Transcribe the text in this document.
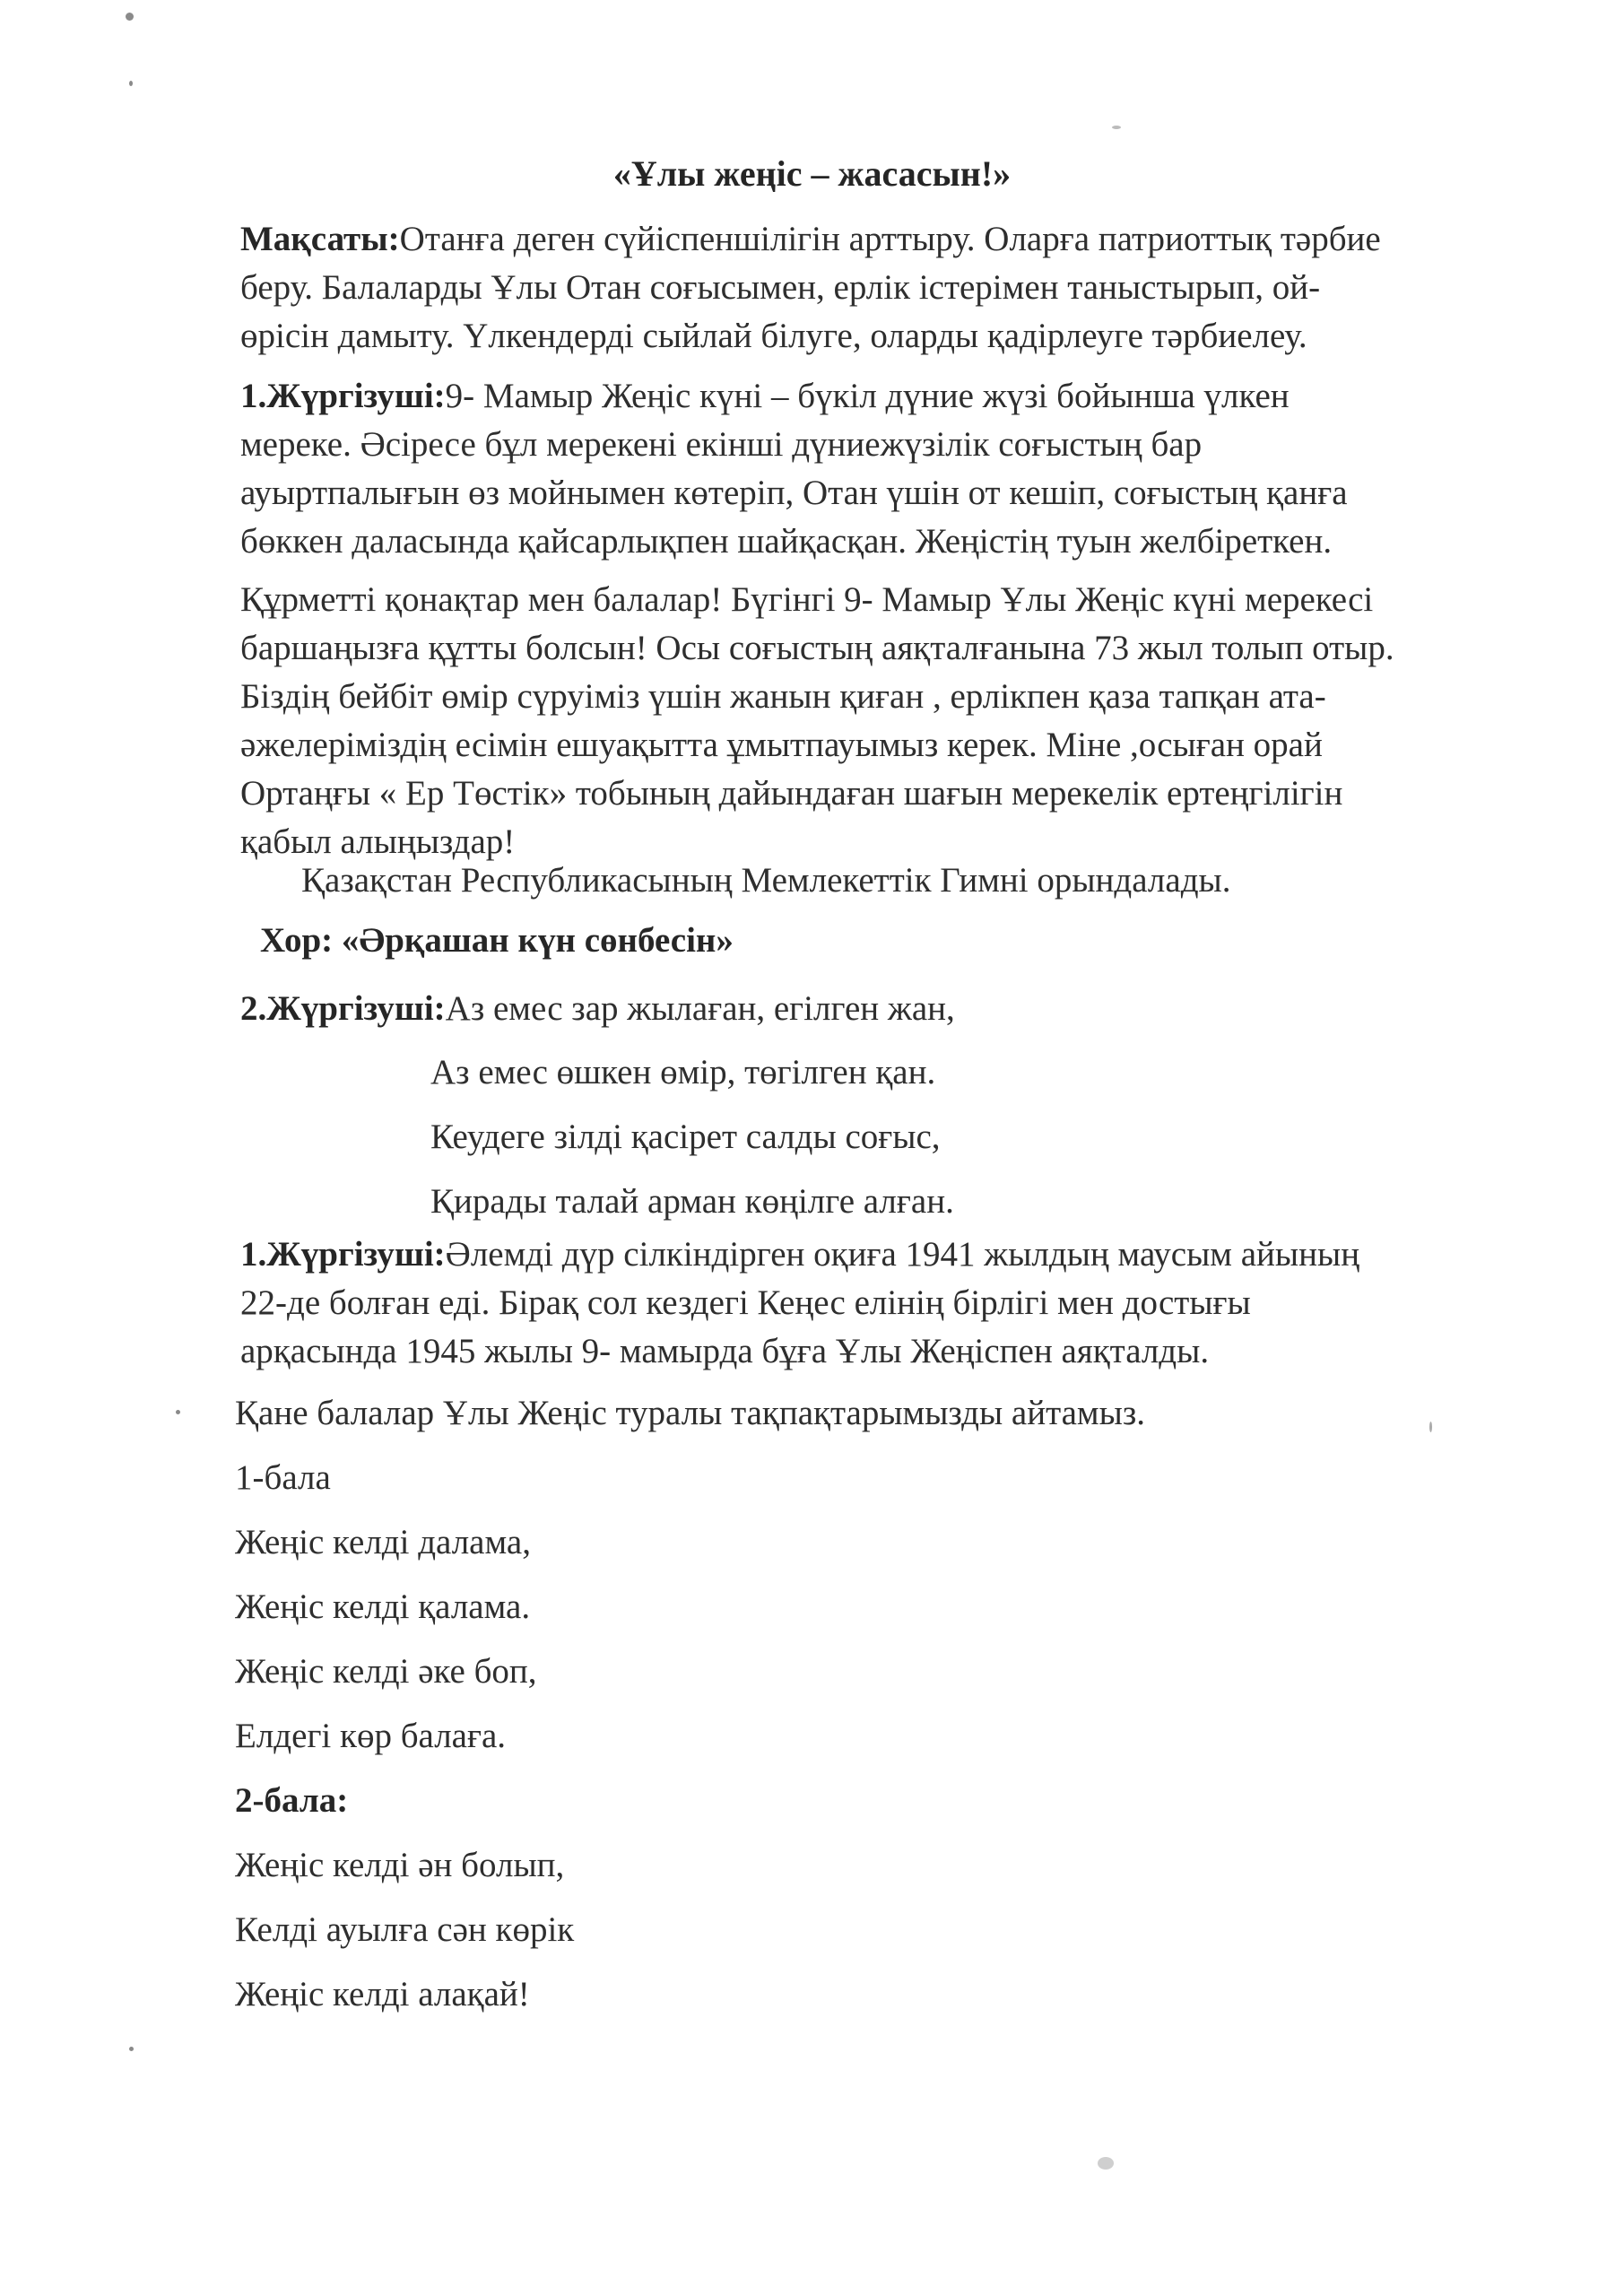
«Ұлы жеңіс – жасасын!»
Мақсаты:Отанға деген сүйіспеншілігін арттыру. Оларға патриоттық тәрбие
беру. Балаларды Ұлы Отан соғысымен, ерлік істерімен таныстырып, ой-
өрісін дамыту. Үлкендерді сыйлай білуге, оларды қадірлеуге тәрбиелеу.
1.Жүргізуші:9- Мамыр Жеңіс күні – бүкіл дүние жүзі бойынша үлкен
мереке. Әсіресе бұл мерекені екінші дүниежүзілік соғыстың бар
ауыртпалығын өз мойнымен көтеріп, Отан үшін от кешіп, соғыстың қанға
бөккен даласында қайсарлықпен шайқасқан. Жеңістің туын желбіреткен.
Құрметті қонақтар мен балалар! Бүгінгі 9- Мамыр Ұлы Жеңіс күні мерекесі
баршаңызға құтты болсын! Осы соғыстың аяқталғанына 73 жыл толып отыр.
Біздің бейбіт өмір сүруіміз үшін жанын қиған , ерлікпен қаза тапқан ата-
әжелеріміздің есімін ешуақытта ұмытпауымыз керек. Міне ,осыған орай
Ортаңғы « Ер Төстік» тобының дайындаған шағын мерекелік ертеңгілігін
қабыл алыңыздар!
Қазақстан Республикасының Мемлекеттік Гимні орындалады.
Хор: «Әрқашан күн сөнбесін»
2.Жүргізуші:Аз емес зар жылаған, егілген жан,
Аз емес өшкен өмір, төгілген қан.
Кеудеге зілді қасірет салды соғыс,
Қирады талай арман көңілге алған.
1.Жүргізуші:Әлемді дүр сілкіндірген оқиға 1941 жылдың маусым айының
22-де болған еді. Бірақ сол кездегі Кеңес елінің бірлігі мен достығы
арқасында 1945 жылы 9- мамырда бұға Ұлы Жеңіспен аяқталды.
Қане балалар Ұлы Жеңіс туралы тақпақтарымызды айтамыз.
1-бала
Жеңіс келді далама,
Жеңіс келді қалама.
Жеңіс келді әке боп,
Елдегі көр балаға.
2-бала:
Жеңіс келді ән болып,
Келді ауылға сән көрік
Жеңіс келді алақай!
